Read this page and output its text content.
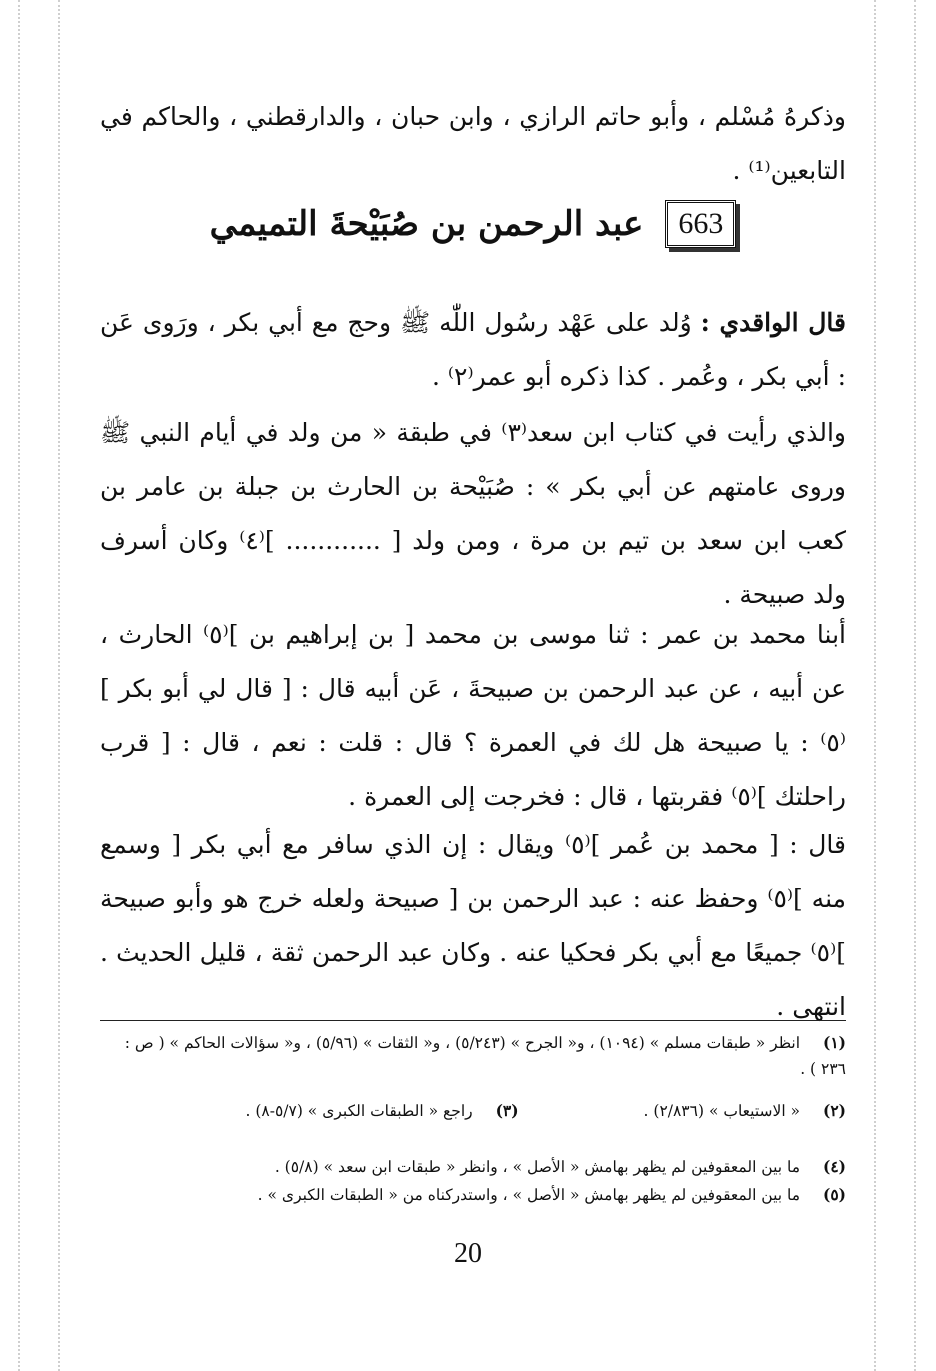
وذكرهُ مُسْلم ، وأبو حاتم الرازي ، وابن حبان ، والدارقطني ، والحاكم في التابعين⁽¹⁾ .
663
عبد الرحمن بن صُبَيْحةَ التميمي
قال الواقدي : وُلد على عَهْد رسُول اللّٰه ﷺ وحج مع أبي بكر ، ورَوى عَن : أبي بكر ، وعُمر . كذا ذكره أبو عمر⁽٢⁾ .
والذي رأيت في كتاب ابن سعد⁽٣⁾ في طبقة « من ولد في أيام النبي ﷺ وروى عامتهم عن أبي بكر » : صُبَيْحة بن الحارث بن جبلة بن عامر بن كعب ابن سعد بن تيم بن مرة ، ومن ولد [ ............ ]⁽٤⁾ وكان أسرف ولد صبيحة .
أبنا محمد بن عمر : ثنا موسى بن محمد [ بن إبراهيم بن ]⁽٥⁾ الحارث ، عن أبيه ، عن عبد الرحمن بن صبيحةَ ، عَن أبيه قال : [ قال لي أبو بكر ]⁽٥⁾ : يا صبيحة هل لك في العمرة ؟ قال : قلت : نعم ، قال : [ قرب راحلتك ]⁽٥⁾ فقربتها ، قال : فخرجت إلى العمرة .
قال : [ محمد بن عُمر ]⁽٥⁾ ويقال : إن الذي سافر مع أبي بكر [ وسمع منه ]⁽٥⁾ وحفظ عنه : عبد الرحمن بن [ صبيحة ولعله خرج هو وأبو صبيحة ]⁽٥⁾ جميعًا مع أبي بكر فحكيا عنه . وكان عبد الرحمن ثقة ، قليل الحديث . انتهى .
(١) انظر « طبقات مسلم » (١٠٩٤) ، و« الجرح » (٥/٢٤٣) ، و« الثقات » (٥/٩٦) ، و« سؤالات الحاكم » ( ص : ٢٣٦ ) .
(٢) « الاستيعاب » (٢/٨٣٦) . (٣) راجع « الطبقات الكبرى » (٥/٧-٨) .
(٤) ما بين المعقوفين لم يظهر بهامش « الأصل » ، وانظر « طبقات ابن سعد » (٥/٨) .
(٥) ما بين المعقوفين لم يظهر بهامش « الأصل » ، واستدركناه من « الطبقات الكبرى » .
20
